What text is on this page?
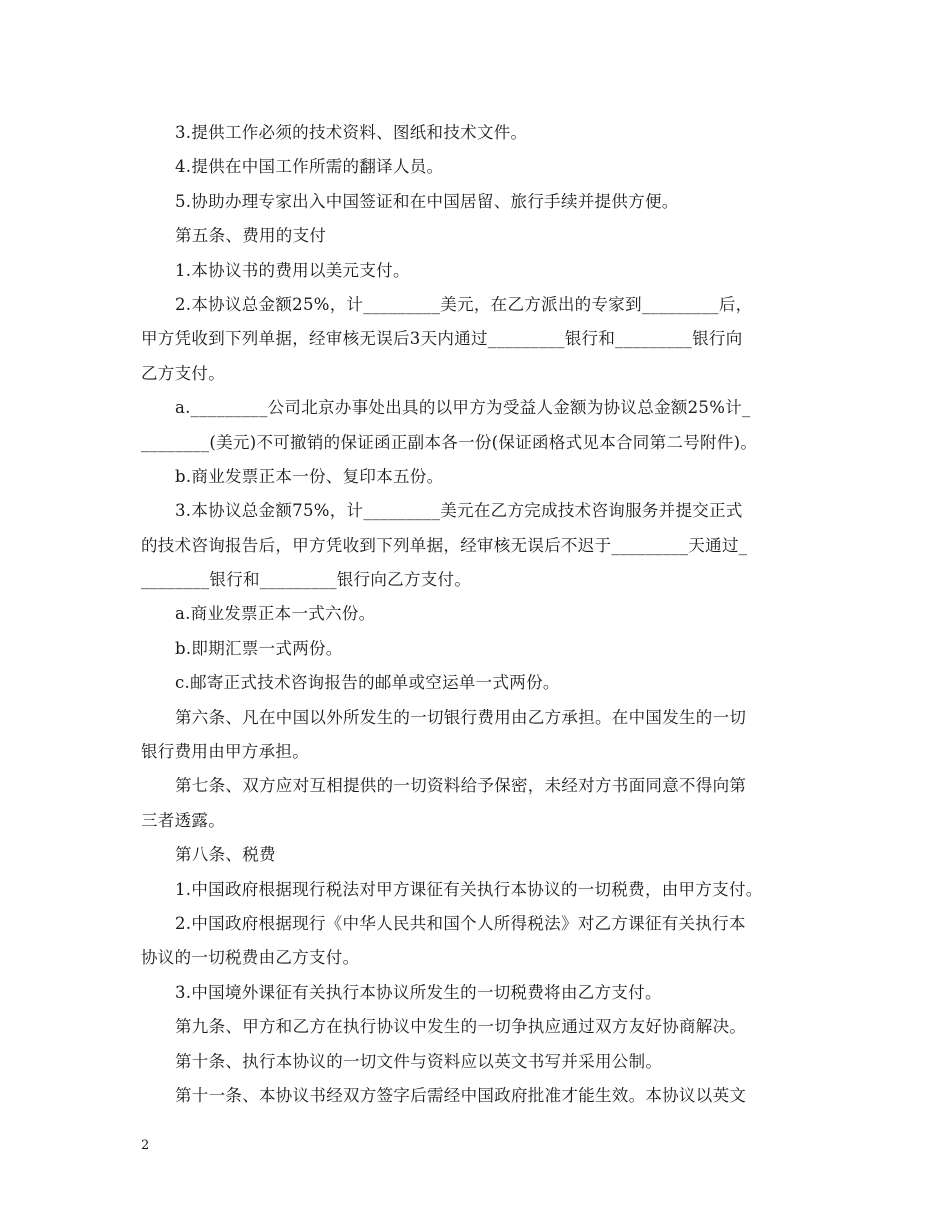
3.提供工作必须的技术资料、图纸和技术文件。
4.提供在中国工作所需的翻译人员。
5.协助办理专家出入中国签证和在中国居留、旅行手续并提供方便。
第五条、费用的支付
1.本协议书的费用以美元支付。
2.本协议总金额25%，计_________美元，在乙方派出的专家到_________后，
甲方凭收到下列单据，经审核无误后3天内通过_________银行和_________银行向
乙方支付。
a._________公司北京办事处出具的以甲方为受益人金额为协议总金额25%计_
________(美元)不可撤销的保证函正副本各一份(保证函格式见本合同第二号附件)。
b.商业发票正本一份、复印本五份。
3.本协议总金额75%，计_________美元在乙方完成技术咨询服务并提交正式
的技术咨询报告后，甲方凭收到下列单据，经审核无误后不迟于_________天通过_
________银行和_________银行向乙方支付。
a.商业发票正本一式六份。
b.即期汇票一式两份。
c.邮寄正式技术咨询报告的邮单或空运单一式两份。
第六条、凡在中国以外所发生的一切银行费用由乙方承担。在中国发生的一切
银行费用由甲方承担。
第七条、双方应对互相提供的一切资料给予保密，未经对方书面同意不得向第
三者透露。
第八条、税费
1.中国政府根据现行税法对甲方课征有关执行本协议的一切税费，由甲方支付。
2.中国政府根据现行《中华人民共和国个人所得税法》对乙方课征有关执行本
协议的一切税费由乙方支付。
3.中国境外课征有关执行本协议所发生的一切税费将由乙方支付。
第九条、甲方和乙方在执行协议中发生的一切争执应通过双方友好协商解决。
第十条、执行本协议的一切文件与资料应以英文书写并采用公制。
第十一条、本协议书经双方签字后需经中国政府批准才能生效。本协议以英文
2
